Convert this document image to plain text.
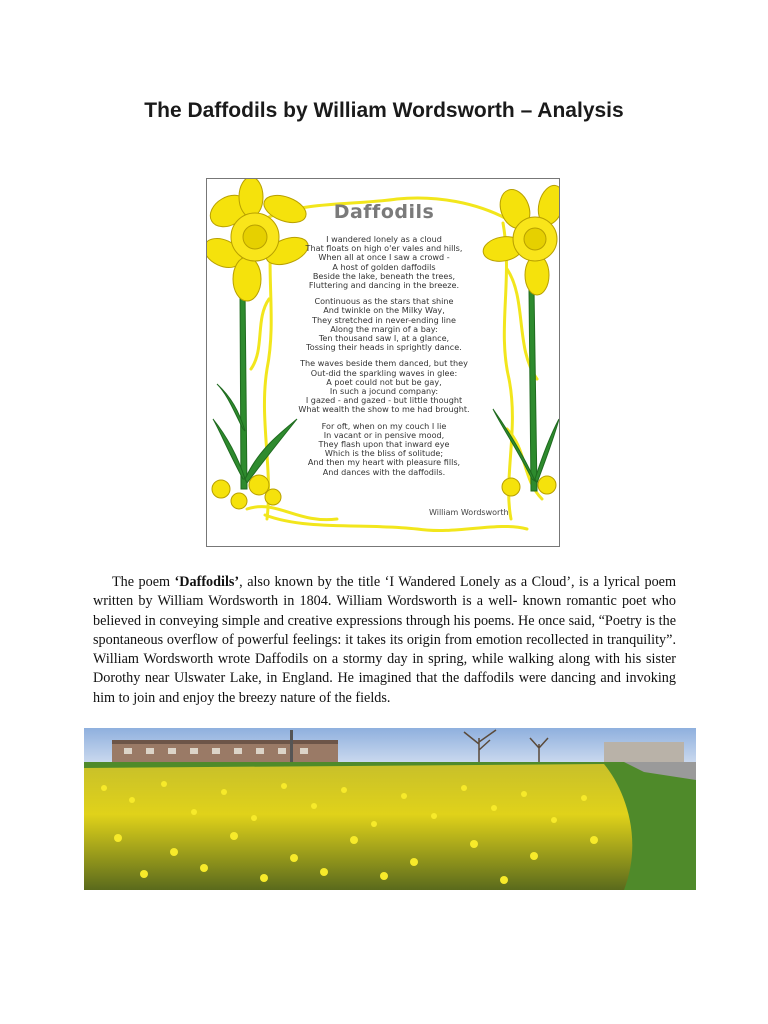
The Daffodils by William Wordsworth – Analysis
Daffodils
I wandered lonely as a cloud
That floats on high o'er vales and hills,
When all at once I saw a crowd -
A host of golden daffodils
Beside the lake, beneath the trees,
Fluttering and dancing in the breeze.
Continuous as the stars that shine
And twinkle on the Milky Way,
They stretched in never-ending line
Along the margin of a bay:
Ten thousand saw I, at a glance,
Tossing their heads in sprightly dance.
The waves beside them danced, but they
Out-did the sparkling waves in glee:
A poet could not but be gay,
In such a jocund company:
I gazed - and gazed - but little thought
What wealth the show to me had brought.
For oft, when on my couch I lie
In vacant or in pensive mood,
They flash upon that inward eye
Which is the bliss of solitude;
And then my heart with pleasure fills,
And dances with the daffodils.
William Wordsworth

The poem ‘Daffodils’, also known by the title ‘I Wandered Lonely as a Cloud’, is a lyrical poem written by William Wordsworth in 1804. William Wordsworth is a well- known romantic poet who believed in conveying simple and creative expressions through his poems. He once said, “Poetry is the spontaneous overflow of powerful feelings: it takes its origin from emotion recollected in tranquility”. William Wordsworth wrote Daffodils on a stormy day in spring, while walking along with his sister Dorothy near Ulswater Lake, in England. He imagined that the daffodils were dancing and invoking him to join and enjoy the breezy nature of the fields.
